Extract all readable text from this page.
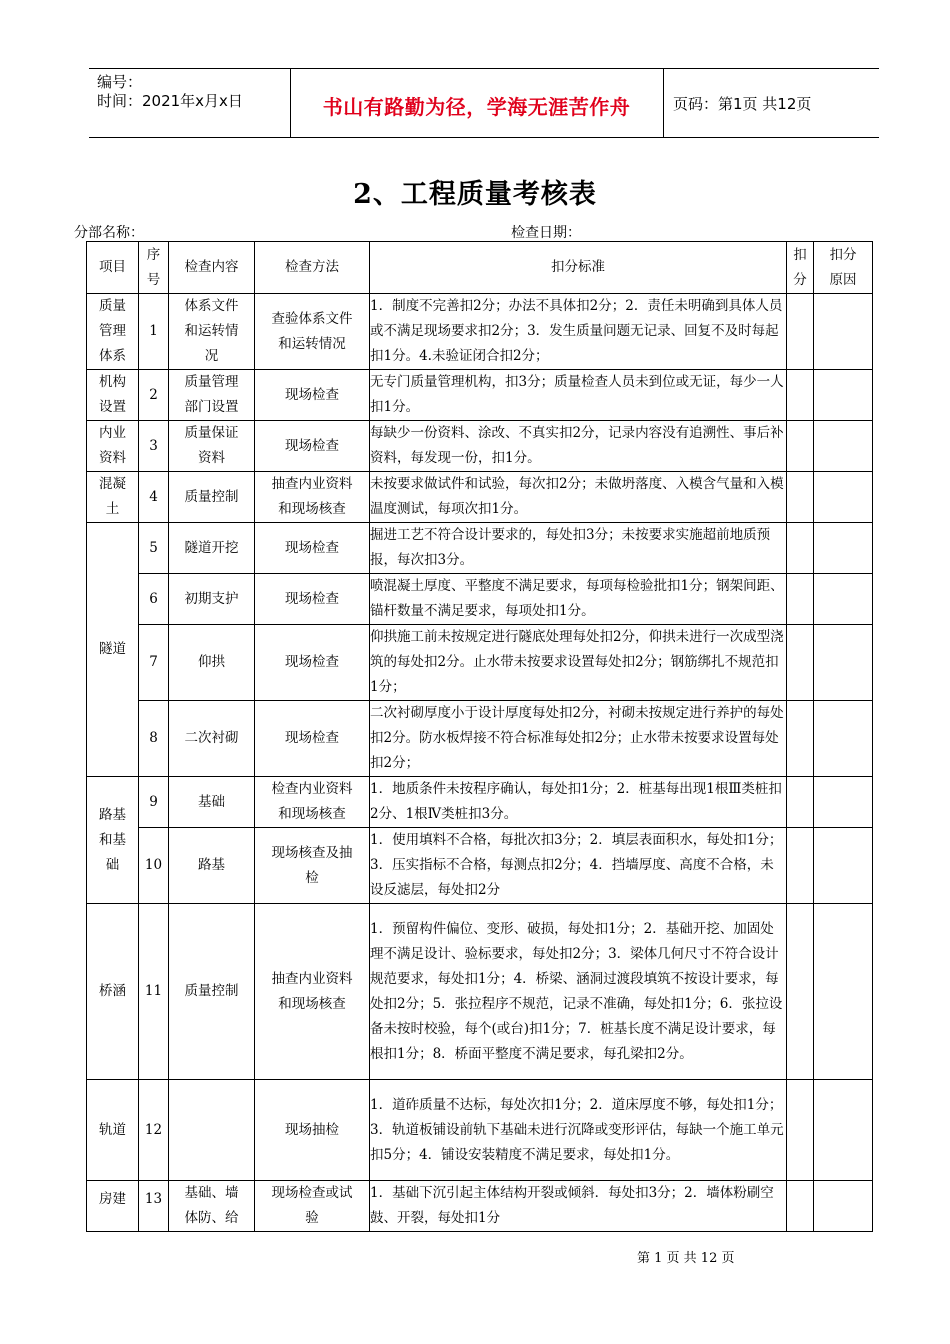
编号：
时间：2021年x月x日	书山有路勤为径，学海无涯苦作舟	页码：第1页 共12页
2、工程质量考核表
分部名称：	检查日期：
项目	序号	检查内容	检查方法	扣分标准	扣分	扣分原因
质量管理体系	1	体系文件和运转情况	查验体系文件和运转情况	1．制度不完善扣2分；办法不具体扣2分；2．责任未明确到具体人员或不满足现场要求扣2分；3．发生质量问题无记录、回复不及时每起扣1分。4.未验证闭合扣2分；		
机构设置	2	质量管理部门设置	现场检查	无专门质量管理机构，扣3分；质量检查人员未到位或无证，每少一人扣1分。		
内业资料	3	质量保证资料	现场检查	每缺少一份资料、涂改、不真实扣2分，记录内容没有追溯性、事后补资料，每发现一份，扣1分。		
混凝土	4	质量控制	抽查内业资料和现场核查	未按要求做试件和试验，每次扣2分；未做坍落度、入模含气量和入模温度测试，每项次扣1分。		
隧道	5	隧道开挖	现场检查	掘进工艺不符合设计要求的，每处扣3分；未按要求实施超前地质预报，每次扣3分。		
	6	初期支护	现场检查	喷混凝土厚度、平整度不满足要求，每项每检验批扣1分；钢架间距、锚杆数量不满足要求，每项处扣1分。		
	7	仰拱	现场检查	仰拱施工前未按规定进行隧底处理每处扣2分，仰拱未进行一次成型浇筑的每处扣2分。止水带未按要求设置每处扣2分；钢筋绑扎不规范扣1分；		
	8	二次衬砌	现场检查	二次衬砌厚度小于设计厚度每处扣2分，衬砌未按规定进行养护的每处扣2分。防水板焊接不符合标准每处扣2分；止水带未按要求设置每处扣2分；		
路基和基础	9	基础	检查内业资料和现场核查	1．地质条件未按程序确认，每处扣1分；2．桩基每出现1根Ⅲ类桩扣2分、1根Ⅳ类桩扣3分。		
	10	路基	现场核查及抽检	1．使用填料不合格，每批次扣3分；2．填层表面积水，每处扣1分；3．压实指标不合格，每测点扣2分；4．挡墙厚度、高度不合格，未设反滤层，每处扣2分		
桥涵	11	质量控制	抽查内业资料和现场核查	1．预留构件偏位、变形、破损，每处扣1分；2．基础开挖、加固处理不满足设计、验标要求，每处扣2分；3．梁体几何尺寸不符合设计规范要求，每处扣1分；4．桥梁、涵洞过渡段填筑不按设计要求，每处扣2分；5．张拉程序不规范，记录不准确，每处扣1分；6．张拉设备未按时校验，每个(或台)扣1分；7．桩基长度不满足设计要求，每根扣1分；8．桥面平整度不满足要求，每孔梁扣2分。		
轨道	12		现场抽检	1．道砟质量不达标，每处次扣1分；2．道床厚度不够，每处扣1分；3．轨道板铺设前轨下基础未进行沉降或变形评估，每缺一个施工单元扣5分；4．铺设安装精度不满足要求，每处扣1分。		
房建	13	基础、墙体防、给	现场检查或试验	1．基础下沉引起主体结构开裂或倾斜．每处扣3分；2．墙体粉刷空鼓、开裂，每处扣1分		
第 1 页 共 12 页
